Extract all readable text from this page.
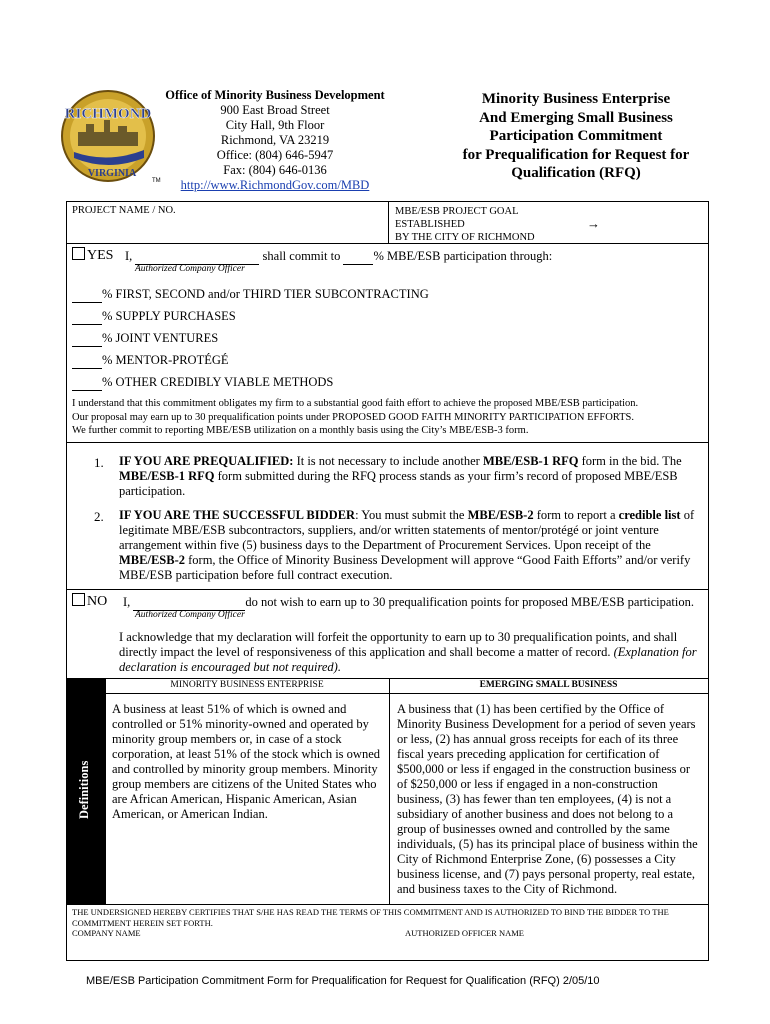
RICHMOND
VIRGINIA
TM
Office of Minority Business Development
900 East Broad Street
City Hall, 9th Floor
Richmond, VA 23219
Office: (804) 646-5947
Fax: (804) 646-0136
http://www.RichmondGov.com/MBD
Minority Business Enterprise
And Emerging Small Business
Participation Commitment
for Prequalification for Request for
Qualification (RFQ)
PROJECT NAME / NO.	MBE/ESB PROJECT GOAL
ESTABLISHED
BY THE CITY OF RICHMOND
→
YES I,	shall commit to	% MBE/ESB participation through:
Authorized Company Officer
% FIRST, SECOND and/or THIRD TIER SUBCONTRACTING
% SUPPLY PURCHASES
% JOINT VENTURES
% MENTOR-PROTÉGÉ
% OTHER CREDIBLY VIABLE METHODS
I understand that this commitment obligates my firm to a substantial good faith effort to achieve the proposed MBE/ESB participation.
Our proposal may earn up to 30 prequalification points under PROPOSED GOOD FAITH MINORITY PARTICIPATION EFFORTS.
We further commit to reporting MBE/ESB utilization on a monthly basis using the City’s MBE/ESB-3 form.
1. IF YOU ARE PREQUALIFIED: It is not necessary to include another MBE/ESB-1 RFQ form in the bid. The MBE/ESB-1 RFQ form submitted during the RFQ process stands as your firm’s record of proposed MBE/ESB participation.
2. IF YOU ARE THE SUCCESSFUL BIDDER: You must submit the MBE/ESB-2 form to report a credible list of legitimate MBE/ESB subcontractors, suppliers, and/or written statements of mentor/protégé or joint venture arrangement within five (5) business days to the Department of Procurement Services. Upon receipt of the MBE/ESB-2 form, the Office of Minority Business Development will approve “Good Faith Efforts” and/or verify MBE/ESB participation before full contract execution.
NO I,	do not wish to earn up to 30 prequalification points for proposed MBE/ESB participation.
Authorized Company Officer
I acknowledge that my declaration will forfeit the opportunity to earn up to 30 prequalification points, and shall directly impact the level of responsiveness of this application and shall become a matter of record. (Explanation for declaration is encouraged but not required).
Definitions
MINORITY BUSINESS ENTERPRISE	EMERGING SMALL BUSINESS
A business at least 51% of which is owned and controlled or 51% minority-owned and operated by minority group members or, in case of a stock corporation, at least 51% of the stock which is owned and controlled by minority group members. Minority group members are citizens of the United States who are African American, Hispanic American, Asian American, or American Indian.
A business that (1) has been certified by the Office of Minority Business Development for a period of seven years or less, (2) has annual gross receipts for each of its three fiscal years preceding application for certification of $500,000 or less if engaged in the construction business or of $250,000 or less if engaged in a non-construction business, (3) has fewer than ten employees, (4) is not a subsidiary of another business and does not belong to a group of businesses owned and controlled by the same individuals, (5) has its principal place of business within the City of Richmond Enterprise Zone, (6) possesses a City business license, and (7) pays personal property, real estate, and business taxes to the City of Richmond.
THE UNDERSIGNED HEREBY CERTIFIES THAT S/HE HAS READ THE TERMS OF THIS COMMITMENT AND IS AUTHORIZED TO BIND THE BIDDER TO THE COMMITMENT HEREIN SET FORTH.
COMPANY NAME	AUTHORIZED OFFICER NAME
MBE/ESB Participation Commitment Form for Prequalification for Request for Qualification (RFQ) 2/05/10
